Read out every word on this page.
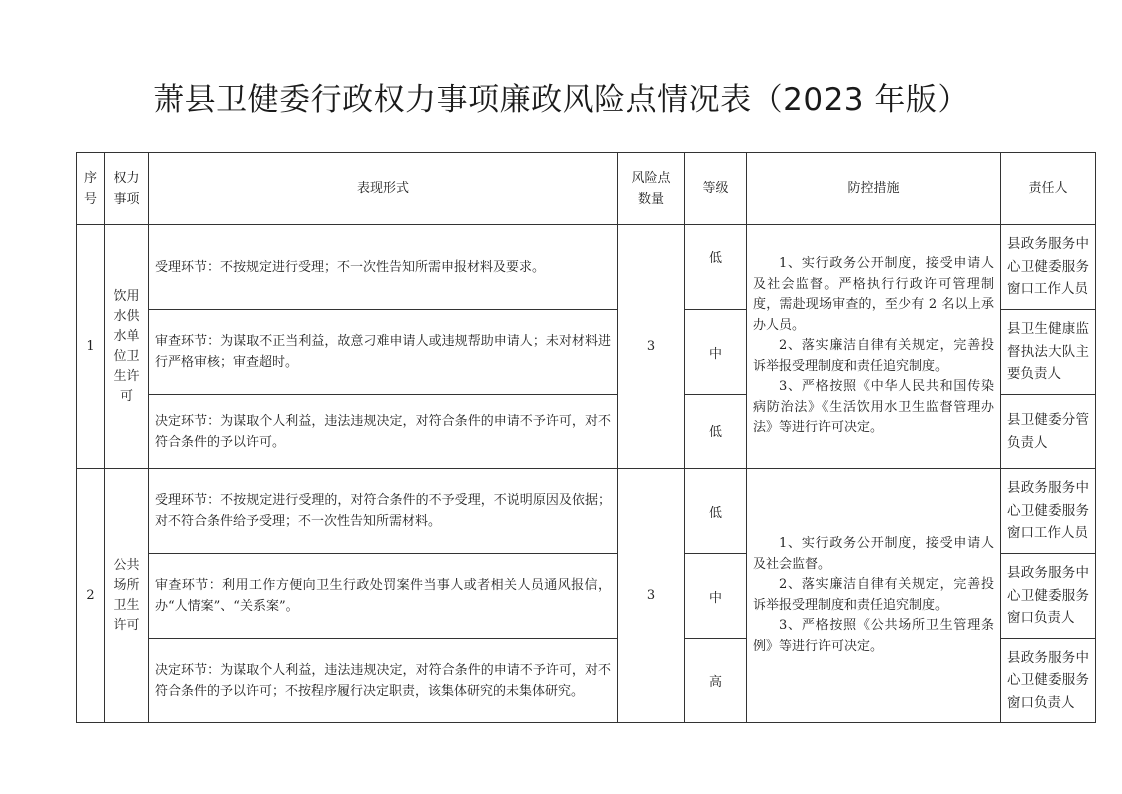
萧县卫健委行政权力事项廉政风险点情况表（2023 年版）
序号	权力事项	表现形式	风险点数量	等级	防控措施	责任人
1	饮用水供水单位卫生许可	受理环节：不按规定进行受理；不一次性告知所需申报材料及要求。	3	低	1、实行政务公开制度，接受申请人及社会监督。严格执行行政许可管理制度，需赴现场审查的，至少有 2 名以上承办人员。

2、落实廉洁自律有关规定，完善投诉举报受理制度和责任追究制度。

3、严格按照《中华人民共和国传染病防治法》《生活饮用水卫生监督管理办法》等进行许可决定。	县政务服务中心卫健委服务窗口工作人员
		审查环节：为谋取不正当利益，故意刁难申请人或违规帮助申请人；未对材料进行严格审核；审查超时。		中		县卫生健康监督执法大队主要负责人
		决定环节：为谋取个人利益，违法违规决定，对符合条件的申请不予许可，对不符合条件的予以许可。		低		县卫健委分管负责人
2	公共场所卫生许可	受理环节：不按规定进行受理的，对符合条件的不予受理，不说明原因及依据；对不符合条件给予受理；不一次性告知所需材料。	3	低	1、实行政务公开制度，接受申请人及社会监督。

2、落实廉洁自律有关规定，完善投诉举报受理制度和责任追究制度。

3、严格按照《公共场所卫生管理条例》等进行许可决定。	县政务服务中心卫健委服务窗口工作人员
		审查环节：利用工作方便向卫生行政处罚案件当事人或者相关人员通风报信，办“人情案”、“关系案”。		中		县政务服务中心卫健委服务窗口负责人
		决定环节：为谋取个人利益，违法违规决定，对符合条件的申请不予许可，对不符合条件的予以许可；不按程序履行决定职责，该集体研究的未集体研究。		高		县政务服务中心卫健委服务窗口负责人
